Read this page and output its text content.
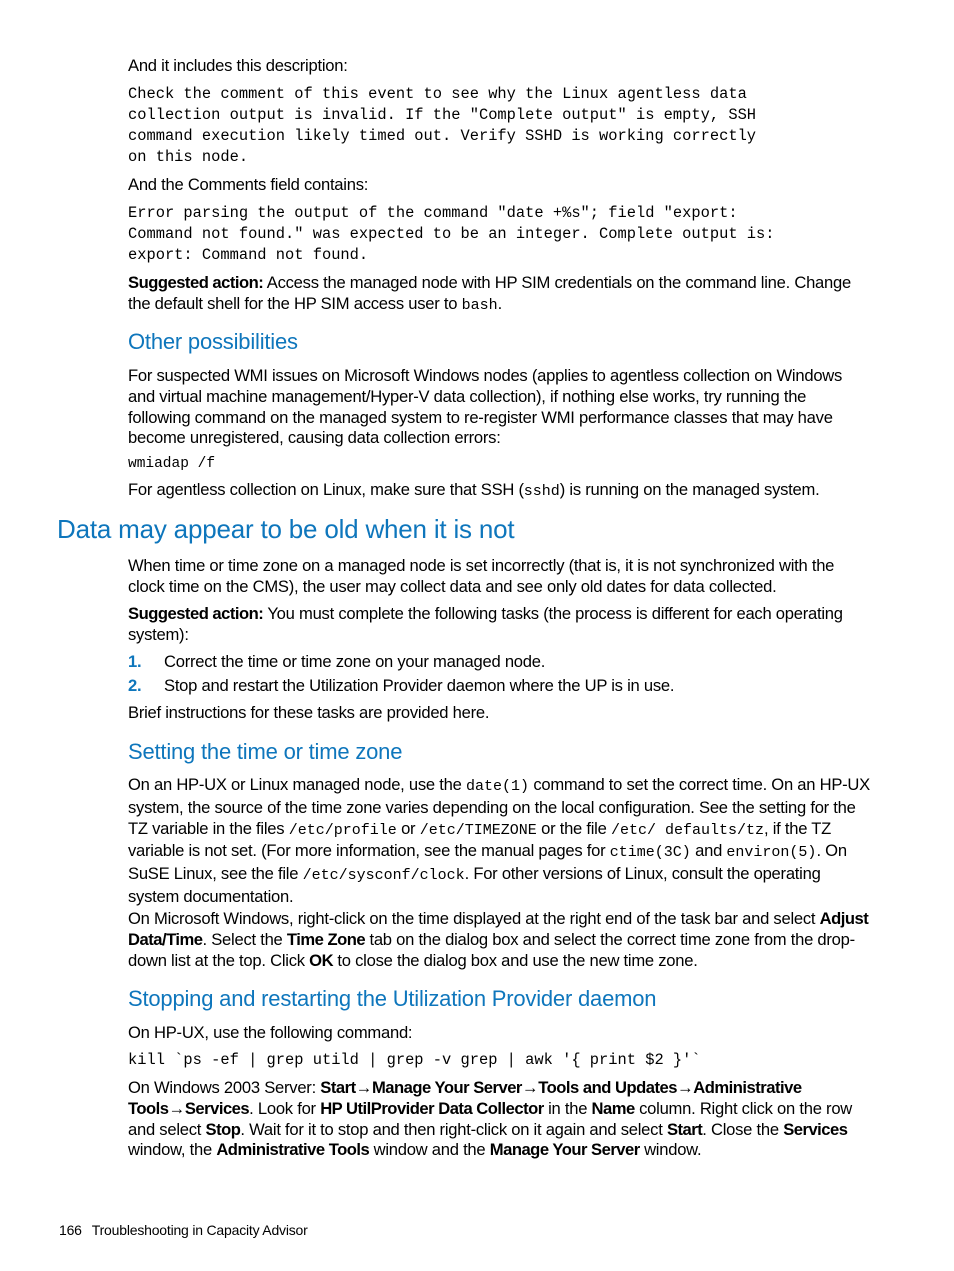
And it includes this description:

Check the comment of this event to see why the Linux agentless data
collection output is invalid. If the "Complete output" is empty, SSH
command execution likely timed out. Verify SSHD is working correctly
on this node.

And the Comments field contains:

Error parsing the output of the command "date +%s"; field "export:
Command not found." was expected to be an integer. Complete output is:
export: Command not found.

Suggested action: Access the managed node with HP SIM credentials on the command line. Change the default shell for the HP SIM access user to bash.

Other possibilities

For suspected WMI issues on Microsoft Windows nodes (applies to agentless collection on Windows and virtual machine management/Hyper-V data collection), if nothing else works, try running the following command on the managed system to re-register WMI performance classes that may have become unregistered, causing data collection errors:

wmiadap /f

For agentless collection on Linux, make sure that SSH (sshd) is running on the managed system.

Data may appear to be old when it is not

When time or time zone on a managed node is set incorrectly (that is, it is not synchronized with the clock time on the CMS), the user may collect data and see only old dates for data collected.

Suggested action: You must complete the following tasks (the process is different for each operating system):

1. Correct the time or time zone on your managed node.
2. Stop and restart the Utilization Provider daemon where the UP is in use.

Brief instructions for these tasks are provided here.

Setting the time or time zone

On an HP-UX or Linux managed node, use the date(1) command to set the correct time. On an HP-UX system, the source of the time zone varies depending on the local configuration. See the setting for the TZ variable in the files /etc/profile or /etc/TIMEZONE or the file /etc/ defaults/tz, if the TZ variable is not set. (For more information, see the manual pages for ctime(3C) and environ(5). On SuSE Linux, see the file /etc/sysconf/clock. For other versions of Linux, consult the operating system documentation.

On Microsoft Windows, right-click on the time displayed at the right end of the task bar and select Adjust Data/Time. Select the Time Zone tab on the dialog box and select the correct time zone from the drop-down list at the top. Click OK to close the dialog box and use the new time zone.

Stopping and restarting the Utilization Provider daemon

On HP-UX, use the following command:

kill `ps -ef | grep utild | grep -v grep | awk '{ print $2 }'`

On Windows 2003 Server: Start→Manage Your Server→Tools and Updates→Administrative Tools→Services. Look for HP UtilProvider Data Collector in the Name column. Right click on the row and select Stop. Wait for it to stop and then right-click on it again and select Start. Close the Services window, the Administrative Tools window and the Manage Your Server window.

166 Troubleshooting in Capacity Advisor
